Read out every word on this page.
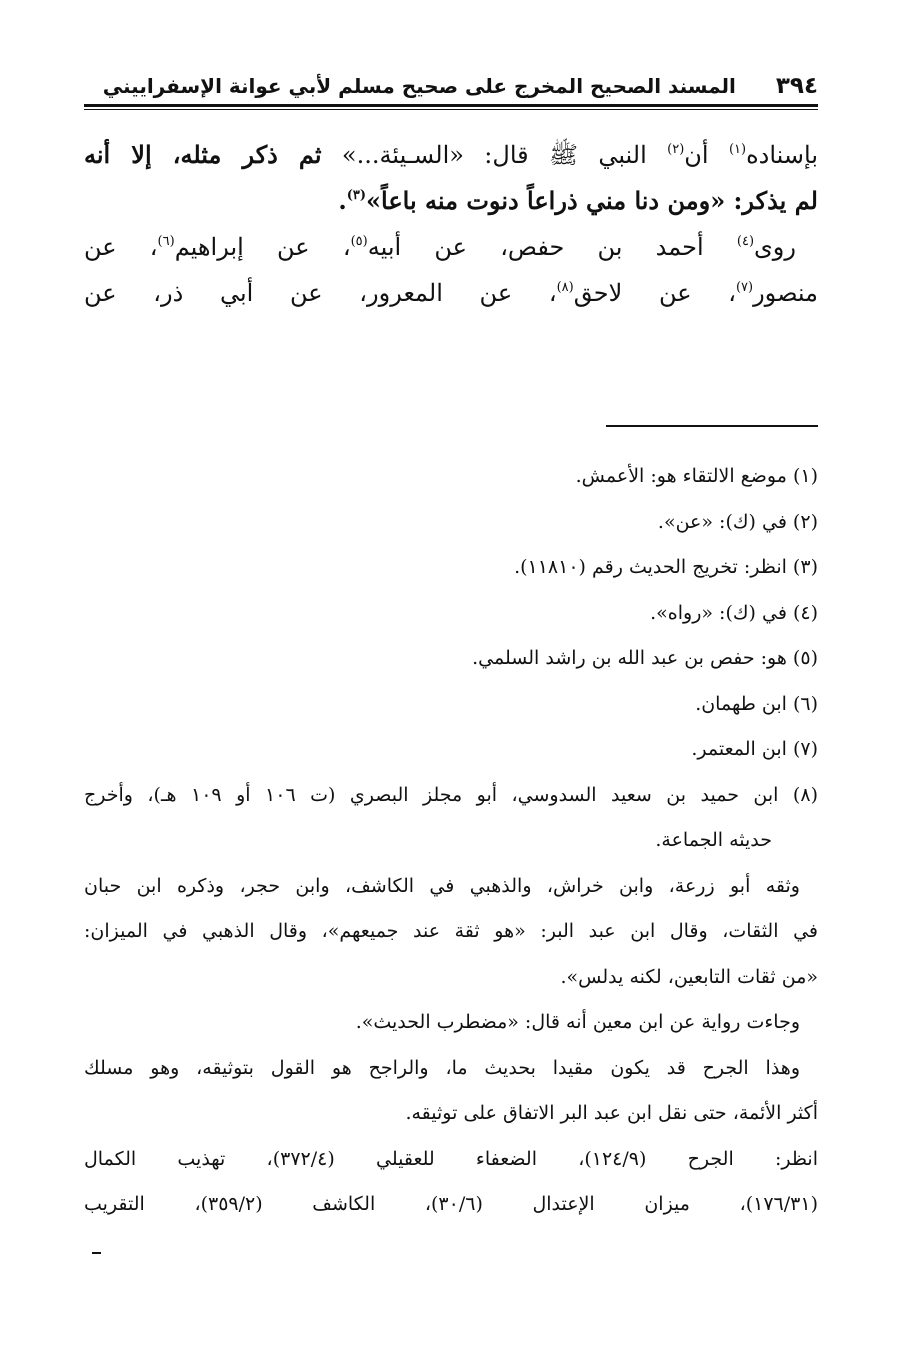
٣٩٤
المسند الصحيح المخرج على صحيح مسلم لأبي عوانة الإسفراييني
بإسناده$^{(١)}$ أن$^{(٢)}$ النبي ﷺ قال: «السـيئة...» ثم ذكر مثله، إلا أنه
لم يذكر: «ومن دنا مني ذراعاً دنوت منه باعاً»$^{(٣)}$.
روى$^{(٤)}$ أحمد بن حفص، عن أبيه$^{(٥)}$، عن إبراهيم$^{(٦)}$، عن
منصور$^{(٧)}$، عن لاحق$^{(٨)}$، عن المعرور، عن أبي ذر، عن
(١) موضع الالتقاء هو: الأعمش.
(٢) في (ك): «عن».
(٣) انظر: تخريج الحديث رقم (١١٨١٠).
(٤) في (ك): «رواه».
(٥) هو: حفص بن عبد الله بن راشد السلمي.
(٦) ابن طهمان.
(٧) ابن المعتمر.
(٨) ابن حميد بن سعيد السدوسي، أبو مجلز البصري (ت ١٠٦ أو ١٠٩ هـ)، وأخرج
حديثه الجماعة.
وثقه أبو زرعة، وابن خراش، والذهبي في الكاشف، وابن حجر، وذكره ابن حبان
في الثقات، وقال ابن عبد البر: «هو ثقة عند جميعهم»، وقال الذهبي في الميزان:
«من ثقات التابعين، لكنه يدلس».
وجاءت رواية عن ابن معين أنه قال: «مضطرب الحديث».
وهذا الجرح قد يكون مقيدا بحديث ما، والراجح هو القول بتوثيقه، وهو مسلك
أكثر الأئمة، حتى نقل ابن عبد البر الاتفاق على توثيقه.
انظر: الجرح (١٢٤/٩)، الضعفاء للعقيلي (٣٧٢/٤)، تهذيب الكمال
(١٧٦/٣١)، ميزان الإعتدال (٣٠/٦)، الكاشف (٣٥٩/٢)، التقريب
